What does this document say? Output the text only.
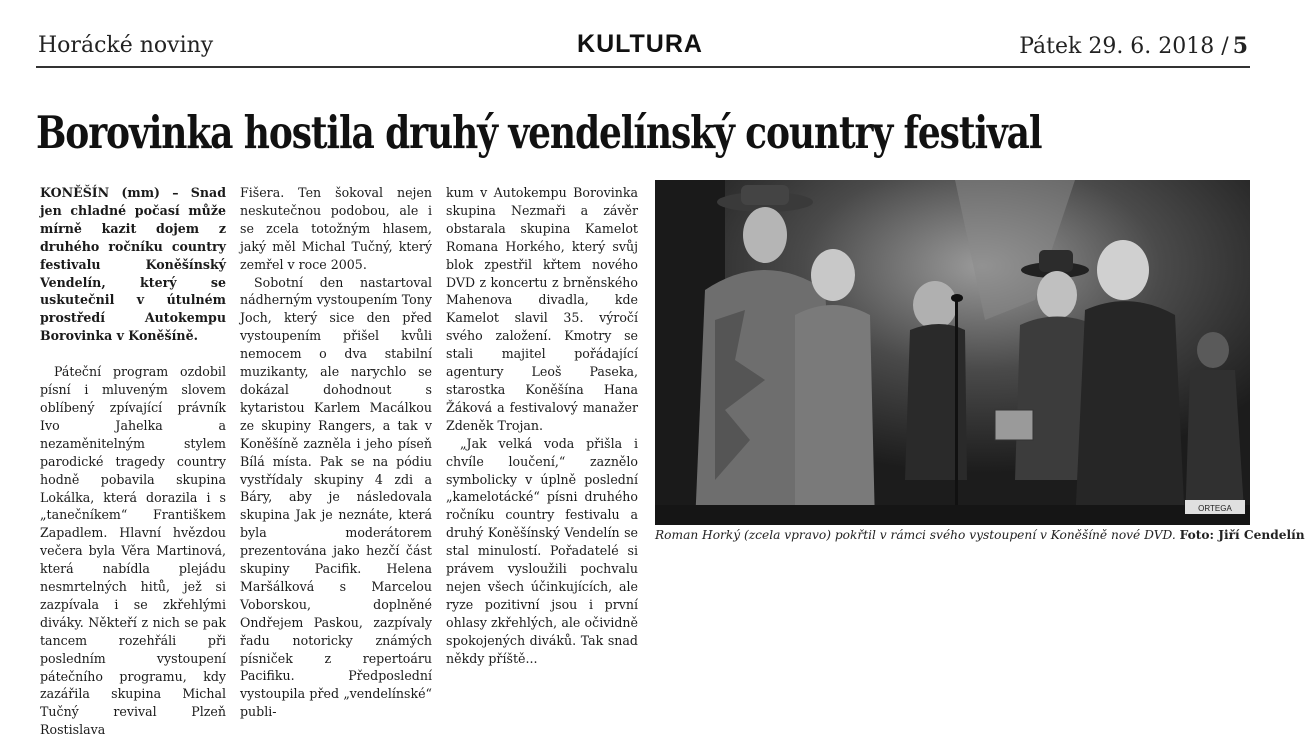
Horácké noviny	KULTURA	Pátek 29. 6. 2018 / 5
Borovinka hostila druhý vendelínský country festival

KONĚŠÍN (mm) – Snad jen chladné počasí může mírně kazit dojem z druhého ročníku country festivalu Koněšínský Vendelín, který se uskutečnil v útulném prostředí Autokempu Borovinka v Koněšíně.

Páteční program ozdobil písní i mluveným slovem oblíbený zpívající právník Ivo Jahelka a nezaměnitelným stylem parodické tragedy country hodně pobavila skupina Lokálka, která dorazila i s „tanečníkem“ Františkem Zapadlem. Hlavní hvězdou večera byla Věra Martinová, která nabídla plejádu nesmrtelných hitů, jež si zazpívala i se zkřehlými diváky. Někteří z nich se pak tancem rozehřáli při posledním vystoupení pátečního programu, kdy zazářila skupina Michal Tučný revival Plzeň Rostislava

Fišera. Ten šokoval nejen neskutečnou podobou, ale i se zcela totožným hlasem, jaký měl Michal Tučný, který zemřel v roce 2005.

Sobotní den nastartoval nádherným vystoupením Tony Joch, který sice den před vystoupením přišel kvůli nemocem o dva stabilní muzikanty, ale narychlo se dokázal dohodnout s kytaristou Karlem Macálkou ze skupiny Rangers, a tak v Koněšíně zazněla i jeho píseň Bílá místa. Pak se na pódiu vystřídaly skupiny 4 zdi a Báry, aby je následovala skupina Jak je neznáte, která byla moderátorem prezentována jako hezčí část skupiny Pacifik. Helena Maršálková s Marcelou Voborskou, doplněné Ondřejem Paskou, zazpívaly řadu notoricky známých písniček z repertoáru Pacifiku. Předposlední vystoupila před „vendelínské“ publi-

kum v Autokempu Borovinka skupina Nezmaři a závěr obstarala skupina Kamelot Romana Horkého, který svůj blok zpestřil křtem nového DVD z koncertu z brněnského Mahenova divadla, kde Kamelot slavil 35. výročí svého založení. Kmotry se stali majitel pořádající agentury Leoš Paseka, starostka Koněšína Hana Žáková a festivalový manažer Zdeněk Trojan.

„Jak velká voda přišla i chvíle loučení,“ zaznělo symbolicky v úplně poslední „kamelotácké“ písni druhého ročníku country festivalu a druhý Koněšínský Vendelín se stal minulostí. Pořadatelé si právem vysloužili pochvalu nejen všech účinkujících, ale ryze pozitivní jsou i první ohlasy zkřehlých, ale očividně spokojených diváků. Tak snad někdy příště...

ORTEGA
Roman Horký (zcela vpravo) pokřtil v rámci svého vystoupení v Koněšíně nové DVD. Foto: Jiří Cendelín
